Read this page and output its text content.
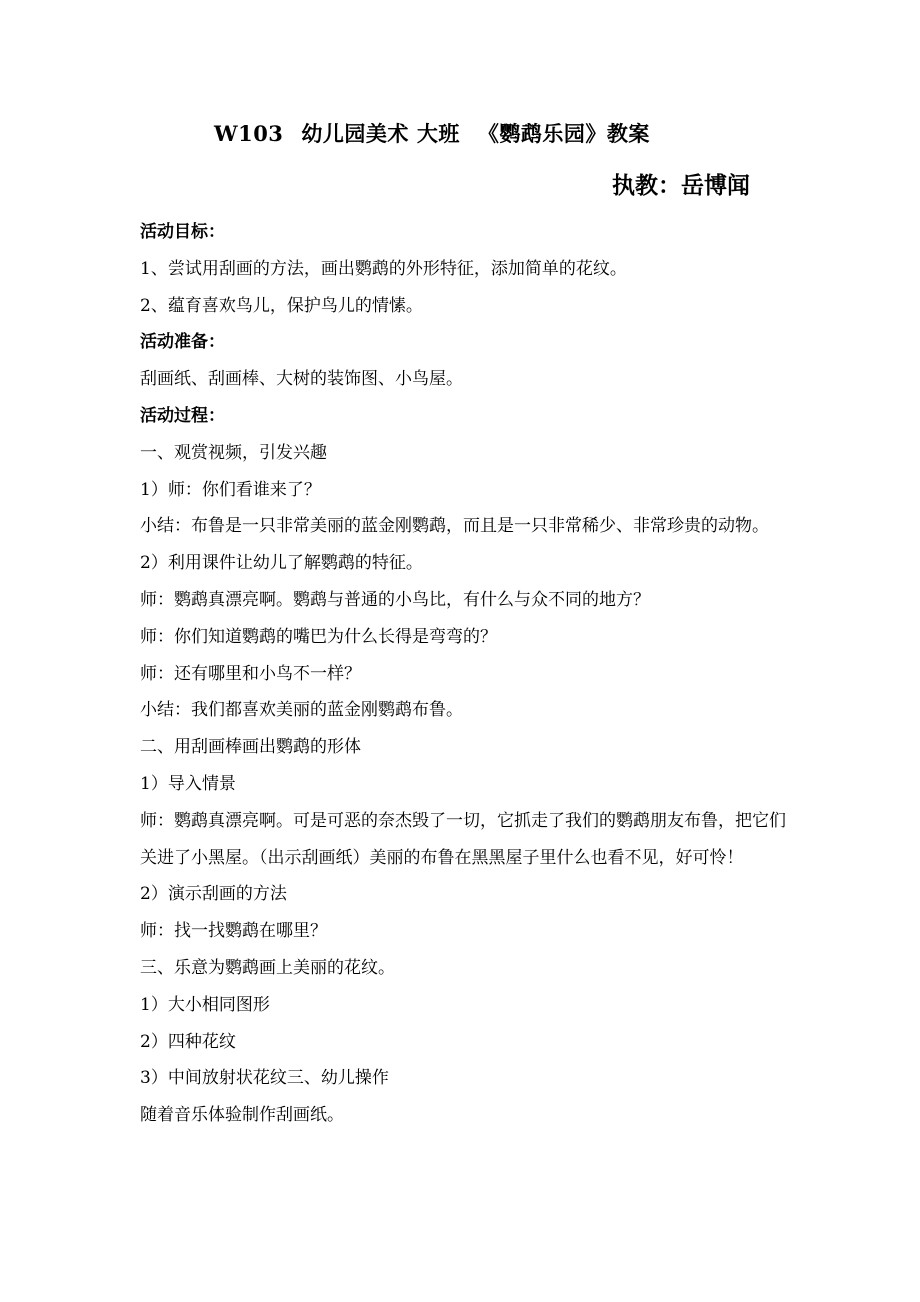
W103 幼儿园美术 大班 《鹦鹉乐园》教案
执教：岳博闻

活动目标：

1、尝试用刮画的方法，画出鹦鹉的外形特征，添加简单的花纹。

2、蕴育喜欢鸟儿，保护鸟儿的情愫。

活动准备：

刮画纸、刮画棒、大树的装饰图、小鸟屋。

活动过程：

一、观赏视频，引发兴趣

1）师：你们看谁来了？

小结：布鲁是一只非常美丽的蓝金刚鹦鹉，而且是一只非常稀少、非常珍贵的动物。

2）利用课件让幼儿了解鹦鹉的特征。

师：鹦鹉真漂亮啊。鹦鹉与普通的小鸟比，有什么与众不同的地方？

师：你们知道鹦鹉的嘴巴为什么长得是弯弯的？

师：还有哪里和小鸟不一样？

小结：我们都喜欢美丽的蓝金刚鹦鹉布鲁。

二、用刮画棒画出鹦鹉的形体

1）导入情景

师：鹦鹉真漂亮啊。可是可恶的奈杰毁了一切，它抓走了我们的鹦鹉朋友布鲁，把它们关进了小黑屋。（出示刮画纸）美丽的布鲁在黑黑屋子里什么也看不见，好可怜！

2）演示刮画的方法

师：找一找鹦鹉在哪里？

三、乐意为鹦鹉画上美丽的花纹。

1）大小相同图形

2）四种花纹

3）中间放射状花纹三、幼儿操作

随着音乐体验制作刮画纸。
